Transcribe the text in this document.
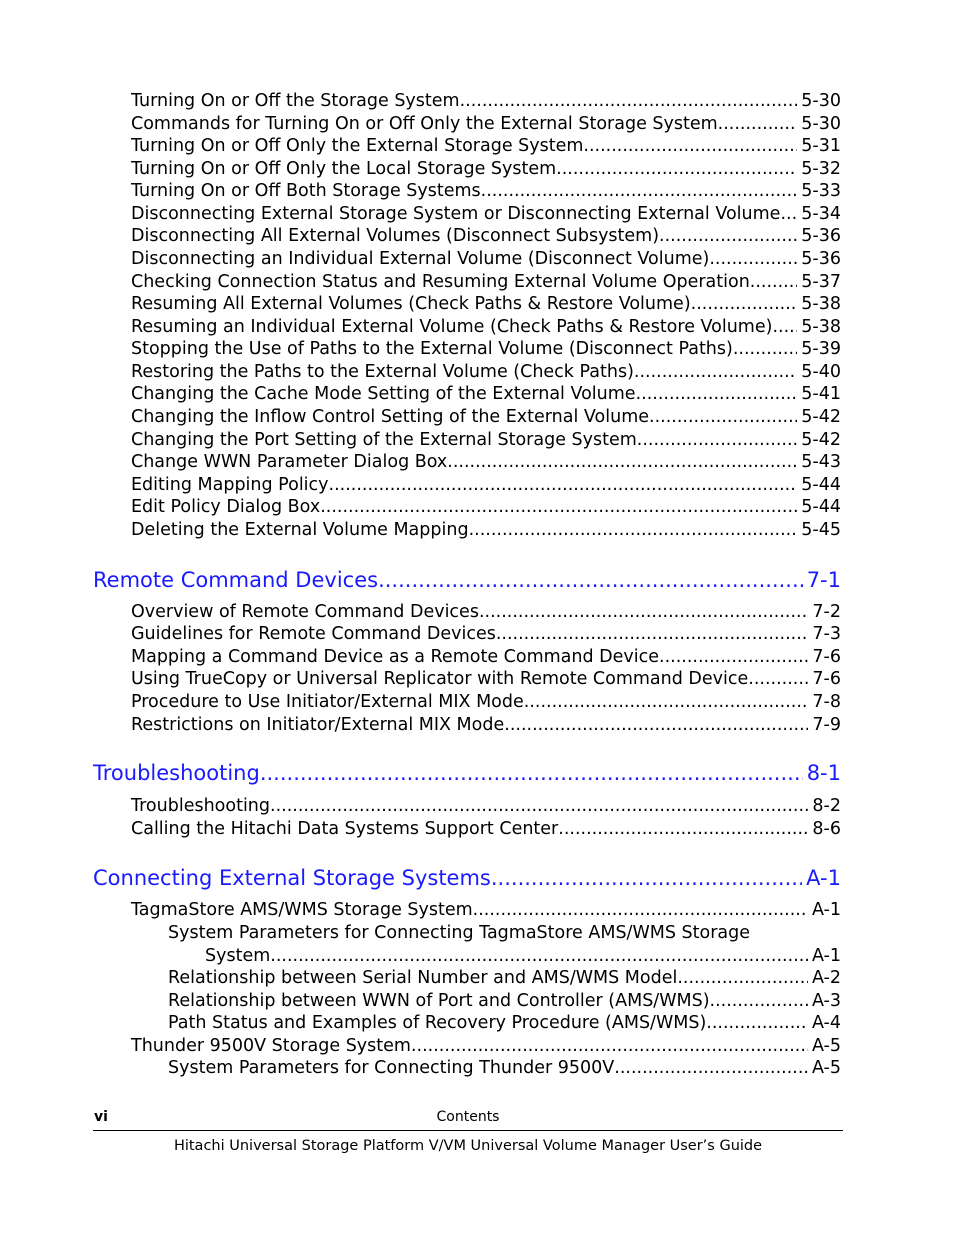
Turning On or Off the Storage System .....	5-30
Commands for Turning On or Off Only the External Storage System .....	5-30
Turning On or Off Only the External Storage System .....	5-31
Turning On or Off Only the Local Storage System .....	5-32
Turning On or Off Both Storage Systems .....	5-33
Disconnecting External Storage System or Disconnecting External Volume ..... 5-34
Disconnecting All External Volumes (Disconnect Subsystem) .....	5-36
Disconnecting an Individual External Volume (Disconnect Volume) .....	5-36
Checking Connection Status and Resuming External Volume Operation .....	5-37
Resuming All External Volumes (Check Paths & Restore Volume) .....	5-38
Resuming an Individual External Volume (Check Paths & Restore Volume) ..... 5-38
Stopping the Use of Paths to the External Volume (Disconnect Paths) .....	5-39
Restoring the Paths to the External Volume (Check Paths) .....	5-40
Changing the Cache Mode Setting of the External Volume .....	5-41
Changing the Inflow Control Setting of the External Volume .....	5-42
Changing the Port Setting of the External Storage System .....	5-42
Change WWN Parameter Dialog Box .....	5-43
Editing Mapping Policy .....	5-44
Edit Policy Dialog Box .....	5-44
Deleting the External Volume Mapping .....	5-45
Remote Command Devices .....	7-1
Overview of Remote Command Devices .....	7-2
Guidelines for Remote Command Devices .....	7-3
Mapping a Command Device as a Remote Command Device .....	7-6
Using TrueCopy or Universal Replicator with Remote Command Device .....	7-6
Procedure to Use Initiator/External MIX Mode .....	7-8
Restrictions on Initiator/External MIX Mode .....	7-9
Troubleshooting .....	8-1
Troubleshooting .....	8-2
Calling the Hitachi Data Systems Support Center .....	8-6
Connecting External Storage Systems .....	A-1
TagmaStore AMS/WMS Storage System .....	A-1
System Parameters for Connecting TagmaStore AMS/WMS Storage
System .....	A-1
Relationship between Serial Number and AMS/WMS Model .....	A-2
Relationship between WWN of Port and Controller (AMS/WMS) .....	A-3
Path Status and Examples of Recovery Procedure (AMS/WMS) .....	A-4
Thunder 9500V Storage System .....	A-5
System Parameters for Connecting Thunder 9500V .....	A-5
vi	Contents
Hitachi Universal Storage Platform V/VM Universal Volume Manager User’s Guide
